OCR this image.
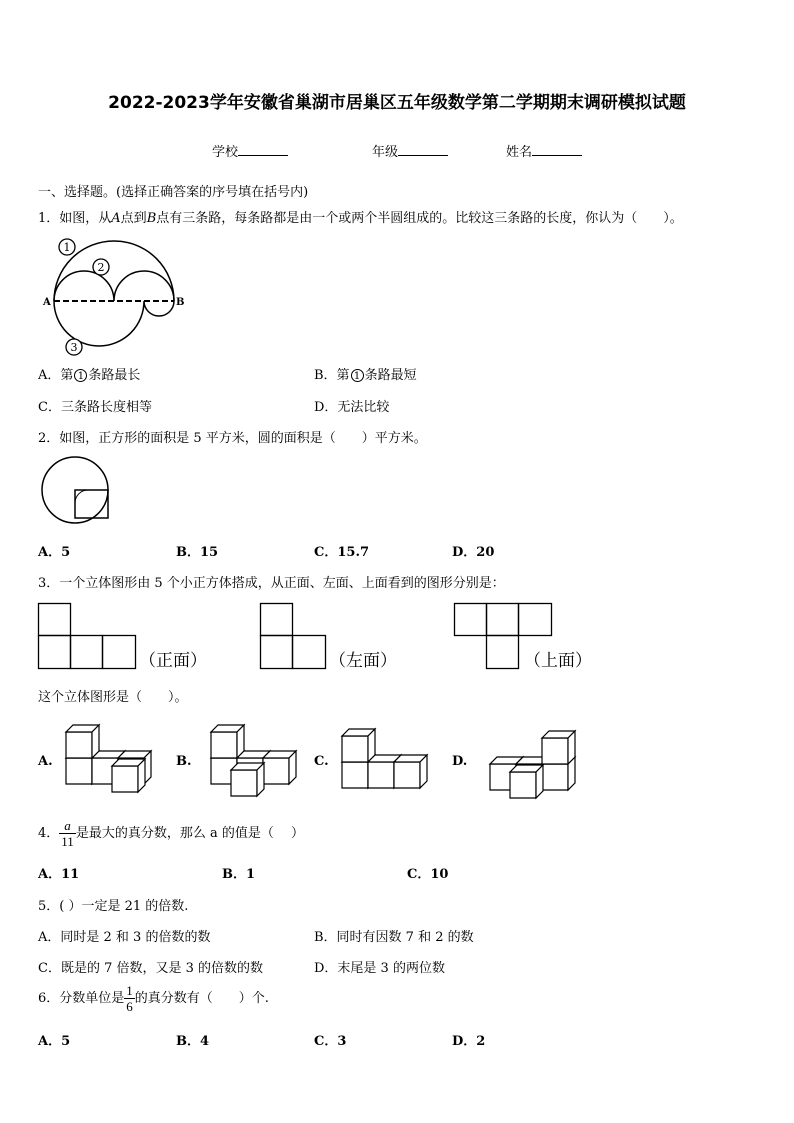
2022-2023学年安徽省巢湖市居巢区五年级数学第二学期期末调研模拟试题
学校	年级	姓名
一、选择题。(选择正确答案的序号填在括号内)
1．如图，从A点到B点有三条路，每条路都是由一个或两个半圆组成的。比较这三条路的长度，你认为（　　）。
1
2
3
A	B
A．第 1 条路最长	B．第 1 条路最短
C．三条路长度相等	D．无法比较
2．如图，正方形的面积是 5 平方米，圆的面积是（　　）平方米。
A．5	B．15	C．15.7	D．20
3．一个立体图形由 5 个小正方体搭成，从正面、左面、上面看到的图形分别是：
（正面）	（左面）	（上面）
这个立体图形是（　　）。
A.	B.	C.	D.
4． $\frac{a}{11}$ 是最大的真分数，那么 a 的值是（　 ）
A．11	B．1	C．10
5．( ）一定是 21 的倍数.
A．同时是 2 和 3 的倍数的数	B．同时有因数 7 和 2 的数
C．既是的 7 倍数，又是 3 的倍数的数	D．末尾是 3 的两位数
6．分数单位是 $\frac{1}{6}$ 的真分数有（　　）个.
A．5	B．4	C．3	D．2
